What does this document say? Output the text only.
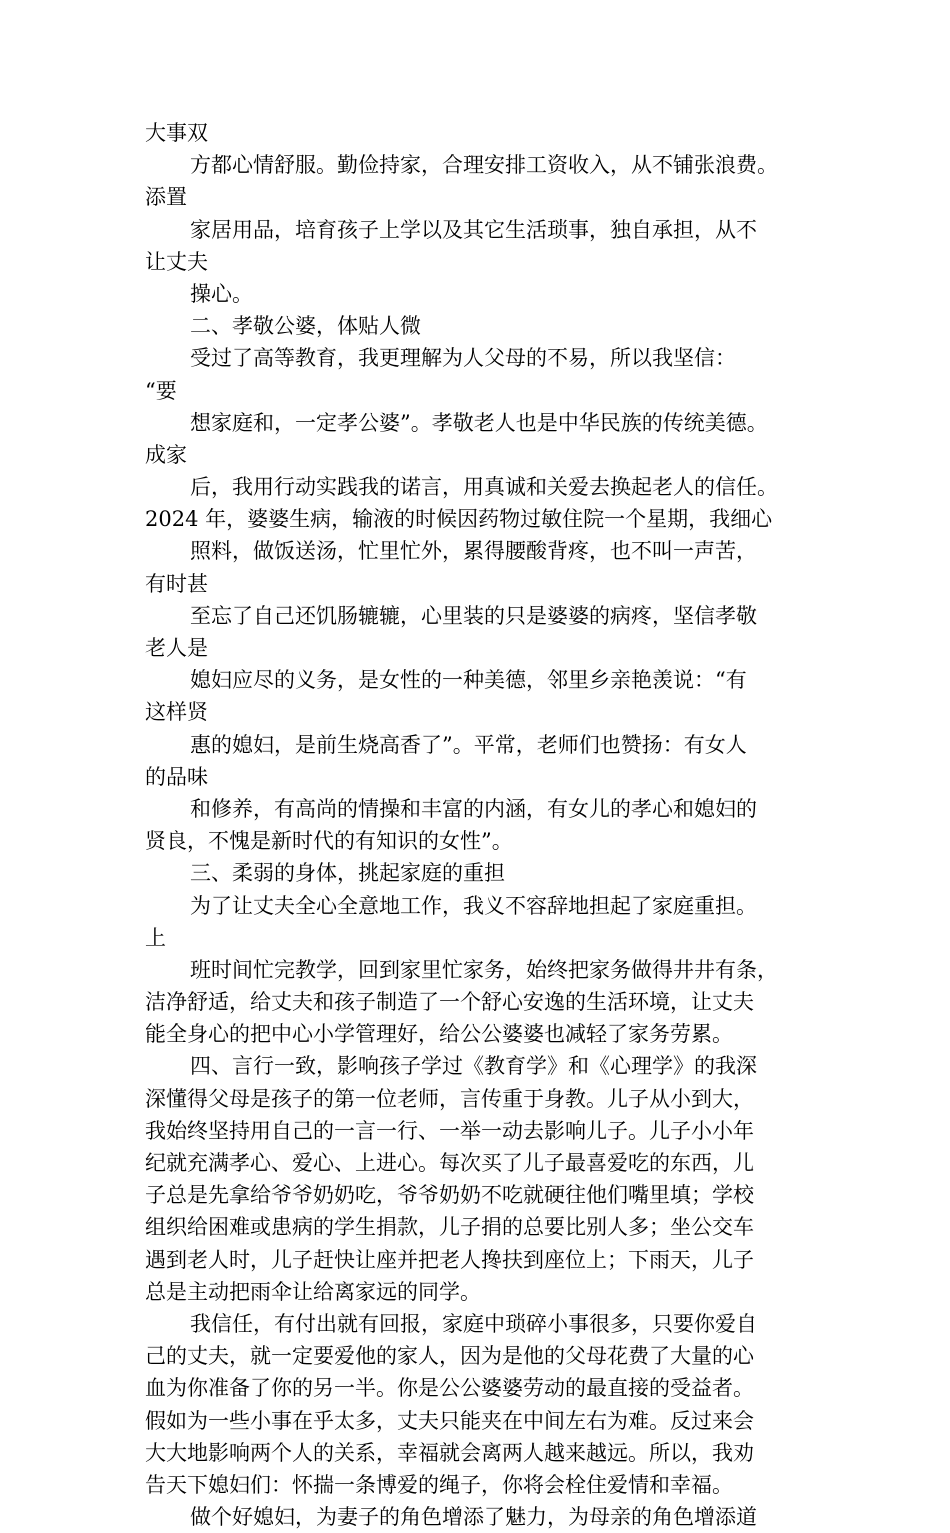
大事双
方都心情舒服。勤俭持家，合理安排工资收入，从不铺张浪费。
添置
家居用品，培育孩子上学以及其它生活琐事，独自承担，从不
让丈夫
操心。
二、孝敬公婆，体贴人微
受过了高等教育，我更理解为人父母的不易，所以我坚信：
“要
想家庭和，一定孝公婆”。孝敬老人也是中华民族的传统美德。
成家
后，我用行动实践我的诺言，用真诚和关爱去换起老人的信任。
2024 年，婆婆生病，输液的时候因药物过敏住院一个星期，我细心
照料，做饭送汤，忙里忙外，累得腰酸背疼，也不叫一声苦，
有时甚
至忘了自己还饥肠辘辘，心里装的只是婆婆的病疼，坚信孝敬
老人是
媳妇应尽的义务，是女性的一种美德，邻里乡亲艳羡说：“有
这样贤
惠的媳妇，是前生烧高香了”。平常，老师们也赞扬：有女人
的品味
和修养，有高尚的情操和丰富的内涵，有女儿的孝心和媳妇的
贤良，不愧是新时代的有知识的女性”。
三、柔弱的身体，挑起家庭的重担
为了让丈夫全心全意地工作，我义不容辞地担起了家庭重担。
上
班时间忙完教学，回到家里忙家务，始终把家务做得井井有条，
洁净舒适，给丈夫和孩子制造了一个舒心安逸的生活环境，让丈夫
能全身心的把中心小学管理好，给公公婆婆也减轻了家务劳累。
四、言行一致，影响孩子学过《教育学》和《心理学》的我深
深懂得父母是孩子的第一位老师，言传重于身教。儿子从小到大，
我始终坚持用自己的一言一行、一举一动去影响儿子。儿子小小年
纪就充满孝心、爱心、上进心。每次买了儿子最喜爱吃的东西，儿
子总是先拿给爷爷奶奶吃，爷爷奶奶不吃就硬往他们嘴里填；学校
组织给困难或患病的学生捐款，儿子捐的总要比别人多；坐公交车
遇到老人时，儿子赶快让座并把老人搀扶到座位上；下雨天，儿子
总是主动把雨伞让给离家远的同学。
我信任，有付出就有回报，家庭中琐碎小事很多，只要你爱自
己的丈夫，就一定要爱他的家人，因为是他的父母花费了大量的心
血为你准备了你的另一半。你是公公婆婆劳动的最直接的受益者。
假如为一些小事在乎太多，丈夫只能夹在中间左右为难。反过来会
大大地影响两个人的关系，幸福就会离两人越来越远。所以，我劝
告天下媳妇们：怀揣一条博爱的绳子，你将会栓住爱情和幸福。
做个好媳妇，为妻子的角色增添了魅力，为母亲的角色增添道
